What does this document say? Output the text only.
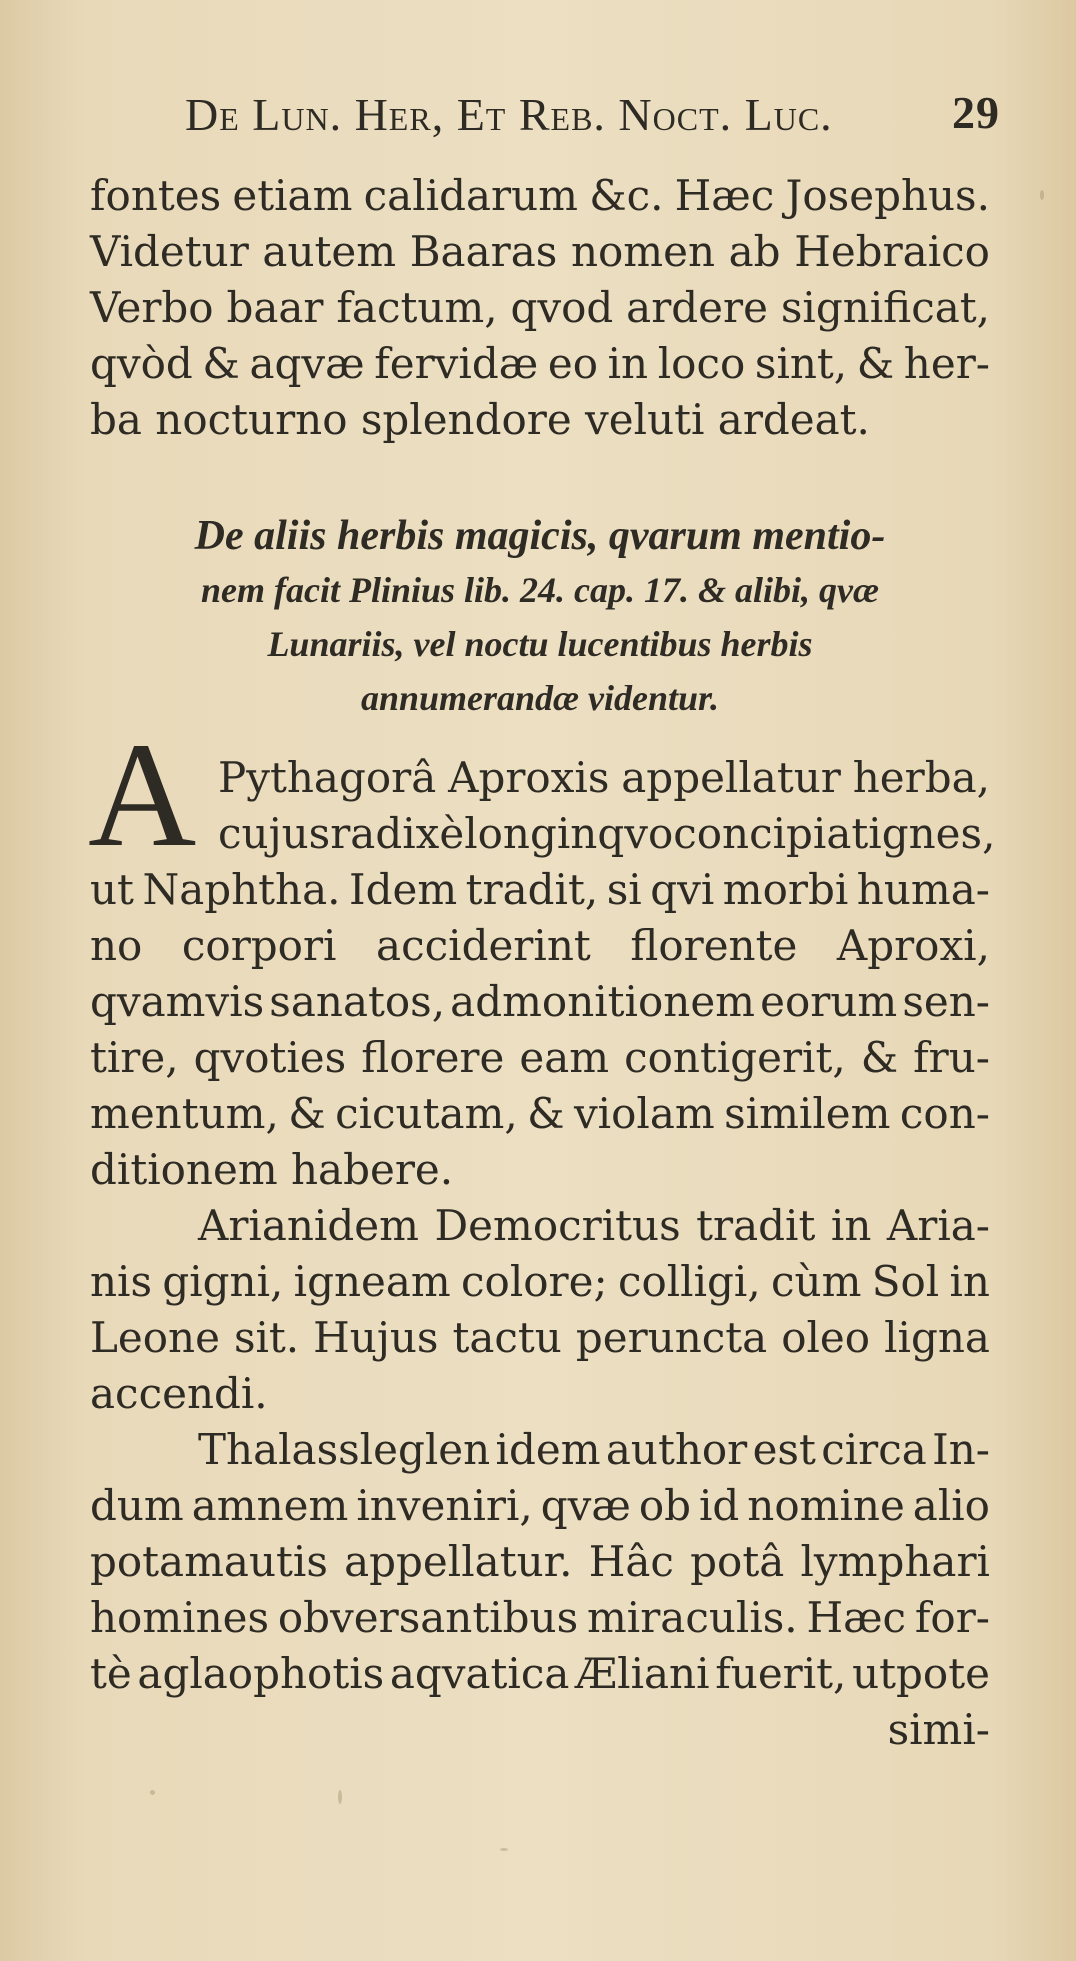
De Lun. Her, Et Reb. Noct. Luc.	29
fontes etiam calidarum &c. Hæc Josephus.
Videtur autem Baaras nomen ab Hebraico
Verbo baar factum, qvod ardere significat,
qvòd & aqvæ fervidæ eo in loco sint, & her-
ba nocturno splendore veluti ardeat.
De aliis herbis magicis, qvarum mentio-
nem facit Plinius lib. 24. cap. 17. & alibi, qvæ
Lunariis, vel noctu lucentibus herbis
annumerandæ videntur.
A Pythagorâ Aproxis appellatur herba,
cujus radix è longinqvo concipiat ignes,
ut Naphtha. Idem tradit, si qvi morbi huma-
no corpori acciderint florente Aproxi,
qvamvis sanatos, admonitionem eorum sen-
tire, qvoties florere eam contigerit, & fru-
mentum, & cicutam, & violam similem con-
ditionem habere.
Arianidem Democritus tradit in Aria-
nis gigni, igneam colore; colligi, cùm Sol in
Leone sit. Hujus tactu peruncta oleo ligna
accendi.
Thalassleglen idem author est circa In-
dum amnem inveniri, qvæ ob id nomine alio
potamautis appellatur. Hâc potâ lymphari
homines obversantibus miraculis. Hæc for-
tè aglaophotis aqvatica Æliani fuerit, utpote
simi-
